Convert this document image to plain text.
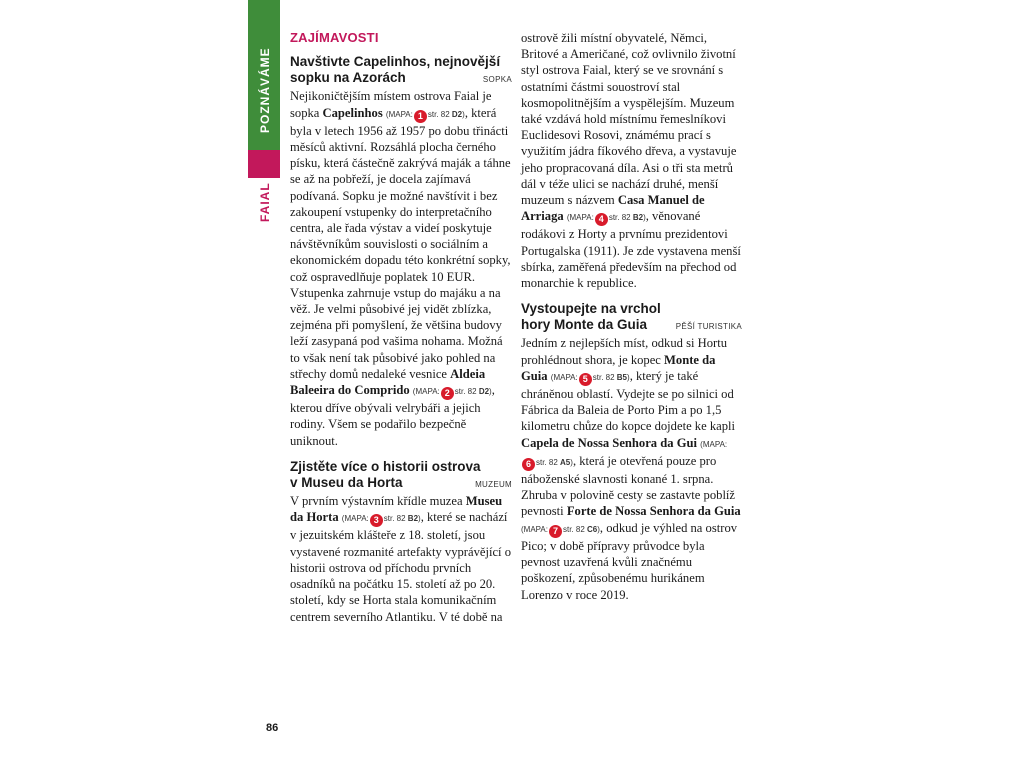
POZNÁVÁME
FAIAL
86
ZAJÍMAVOSTI
Navštivte Capelinhos, nejnovější
sopku na Azorách	SOPKA

Nejikoničtějším místem ostrova Faial je sopka Capelinhos (MAPA: 1 str. 82 D2), která byla v letech 1956 až 1957 po dobu třinácti měsíců aktivní. Rozsáhlá plocha černého písku, která částečně zakrývá maják a táhne se až na pobřeží, je docela zajímavá podívaná. Sopku je možné navštívit i bez zakoupení vstupenky do interpretačního centra, ale řada výstav a videí poskytuje návštěvníkům souvislosti o sociálním a ekonomickém dopadu této konkrétní sopky, což ospravedlňuje poplatek 10 EUR. Vstupenka zahrnuje vstup do majáku a na věž. Je velmi působivé jej vidět zblízka, zejména při pomyšlení, že většina budovy leží zasypaná pod vašima nohama. Možná to však není tak působivé jako pohled na střechy domů nedaleké vesnice Aldeia Baleeira do Comprido (MAPA: 2 str. 82 D2), kterou dříve obývali velrybáři a jejich rodiny. Všem se podařilo bezpečně uniknout.

Zjistěte více o historii ostrova
v Museu da Horta	MUZEUM

V prvním výstavním křídle muzea Museu da Horta (MAPA: 3 str. 82 B2), které se nachází v jezuitském klášteře z 18. století, jsou vystavené rozmanité artefakty vyprávějící o historii ostrova od příchodu prvních osadníků na počátku 15. století až po 20. století, kdy se Horta stala komunikačním centrem severního Atlantiku. V té době na

ostrově žili místní obyvatelé, Němci, Britové a Američané, což ovlivnilo životní styl ostrova Faial, který se ve srovnání s ostatními částmi souostroví stal kosmopolitnějším a vyspělejším. Muzeum také vzdává hold místnímu řemeslníkovi Euclidesovi Rosovi, známému prací s využitím jádra fíkového dřeva, a vystavuje jeho propracovaná díla. Asi o tři sta metrů dál v téže ulici se nachází druhé, menší muzeum s názvem Casa Manuel de Arriaga (MAPA: 4 str. 82 B2), věnované rodákovi z Horty a prvnímu prezidentovi Portugalska (1911). Je zde vystavena menší sbírka, zaměřená především na přechod od monarchie k republice.

Vystoupejte na vrchol
hory Monte da Guia	PĚŠÍ TURISTIKA

Jedním z nejlepších míst, odkud si Hortu prohlédnout shora, je kopec Monte da Guia (MAPA: 5 str. 82 B5), který je také chráněnou oblastí. Vydejte se po silnici od Fábrica da Baleia de Porto Pim a po 1,5 kilometru chůze do kopce dojdete ke kapli Capela de Nossa Senhora da Gui (MAPA:6 str. 82 A5), která je otevřená pouze pro náboženské slavnosti konané 1. srpna. Zhruba v polovině cesty se zastavte poblíž pevnosti Forte de Nossa Senhora da Guia (MAPA: 7 str. 82 C6), odkud je výhled na ostrov Pico; v době přípravy průvodce byla pevnost uzavřená kvůli značnému poškození, způsobenému hurikánem Lorenzo v roce 2019.
